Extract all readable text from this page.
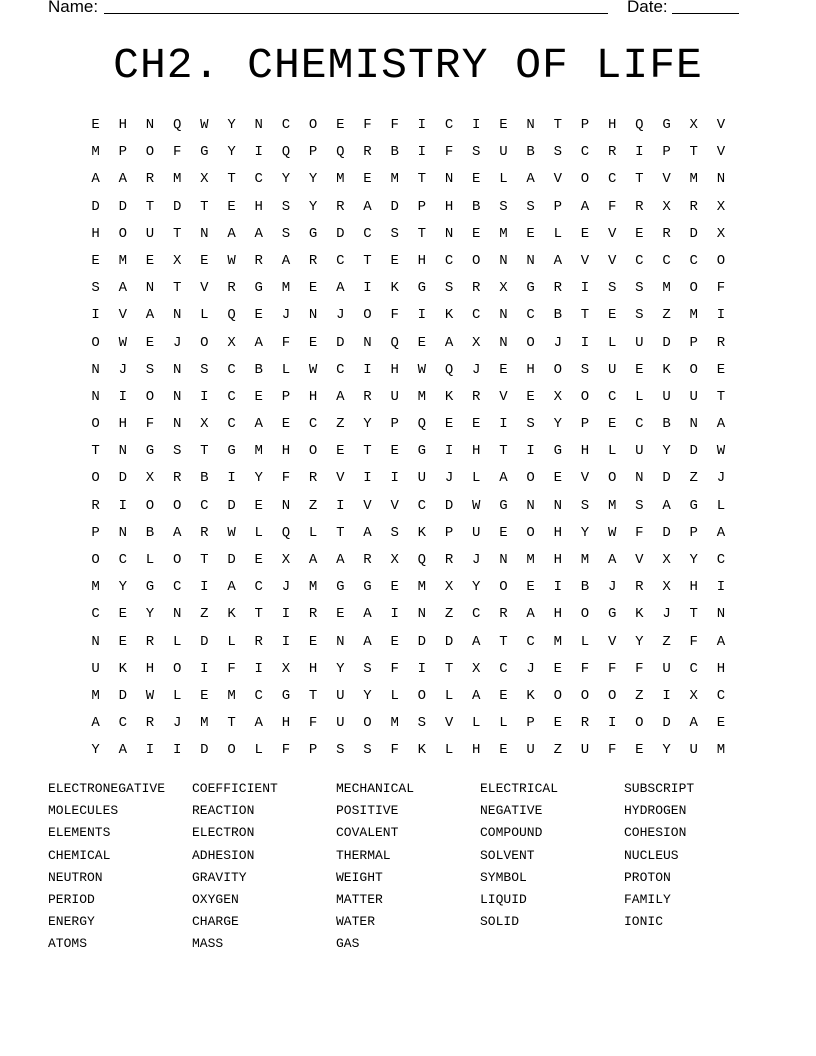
Name:	Date:
CH2. CHEMISTRY OF LIFE
E	H	N	Q	W	Y	N	C	O	E	F	F	I	C	I	E	N	T	P	H	Q	G	X	V
M	P	O	F	G	Y	I	Q	P	Q	R	B	I	F	S	U	B	S	C	R	I	P	T	V
A	A	R	M	X	T	C	Y	Y	M	E	M	T	N	E	L	A	V	O	C	T	V	M	N
D	D	T	D	T	E	H	S	Y	R	A	D	P	H	B	S	S	P	A	F	R	X	R	X
H	O	U	T	N	A	A	S	G	D	C	S	T	N	E	M	E	L	E	V	E	R	D	X
E	M	E	X	E	W	R	A	R	C	T	E	H	C	O	N	N	A	V	V	C	C	C	O
S	A	N	T	V	R	G	M	E	A	I	K	G	S	R	X	G	R	I	S	S	M	O	F
I	V	A	N	L	Q	E	J	N	J	O	F	I	K	C	N	C	B	T	E	S	Z	M	I
O	W	E	J	O	X	A	F	E	D	N	Q	E	A	X	N	O	J	I	L	U	D	P	R
N	J	S	N	S	C	B	L	W	C	I	H	W	Q	J	E	H	O	S	U	E	K	O	E
N	I	O	N	I	C	E	P	H	A	R	U	M	K	R	V	E	X	O	C	L	U	U	T
O	H	F	N	X	C	A	E	C	Z	Y	P	Q	E	E	I	S	Y	P	E	C	B	N	A
T	N	G	S	T	G	M	H	O	E	T	E	G	I	H	T	I	G	H	L	U	Y	D	W
O	D	X	R	B	I	Y	F	R	V	I	I	U	J	L	A	O	E	V	O	N	D	Z	J
R	I	O	O	C	D	E	N	Z	I	V	V	C	D	W	G	N	N	S	M	S	A	G	L
P	N	B	A	R	W	L	Q	L	T	A	S	K	P	U	E	O	H	Y	W	F	D	P	A
O	C	L	O	T	D	E	X	A	A	R	X	Q	R	J	N	M	H	M	A	V	X	Y	C
M	Y	G	C	I	A	C	J	M	G	G	E	M	X	Y	O	E	I	B	J	R	X	H	I
C	E	Y	N	Z	K	T	I	R	E	A	I	N	Z	C	R	A	H	O	G	K	J	T	N
N	E	R	L	D	L	R	I	E	N	A	E	D	D	A	T	C	M	L	V	Y	Z	F	A
U	K	H	O	I	F	I	X	H	Y	S	F	I	T	X	C	J	E	F	F	F	U	C	H
M	D	W	L	E	M	C	G	T	U	Y	L	O	L	A	E	K	O	O	O	Z	I	X	C
A	C	R	J	M	T	A	H	F	U	O	M	S	V	L	L	P	E	R	I	O	D	A	E
Y	A	I	I	D	O	L	F	P	S	S	F	K	L	H	E	U	Z	U	F	E	Y	U	M
ELECTRONEGATIVE	COEFFICIENT	MECHANICAL	ELECTRICAL	SUBSCRIPT
MOLECULES	REACTION	POSITIVE	NEGATIVE	HYDROGEN
ELEMENTS	ELECTRON	COVALENT	COMPOUND	COHESION
CHEMICAL	ADHESION	THERMAL	SOLVENT	NUCLEUS
NEUTRON	GRAVITY	WEIGHT	SYMBOL	PROTON
PERIOD	OXYGEN	MATTER	LIQUID	FAMILY
ENERGY	CHARGE	WATER	SOLID	IONIC
ATOMS	MASS	GAS
